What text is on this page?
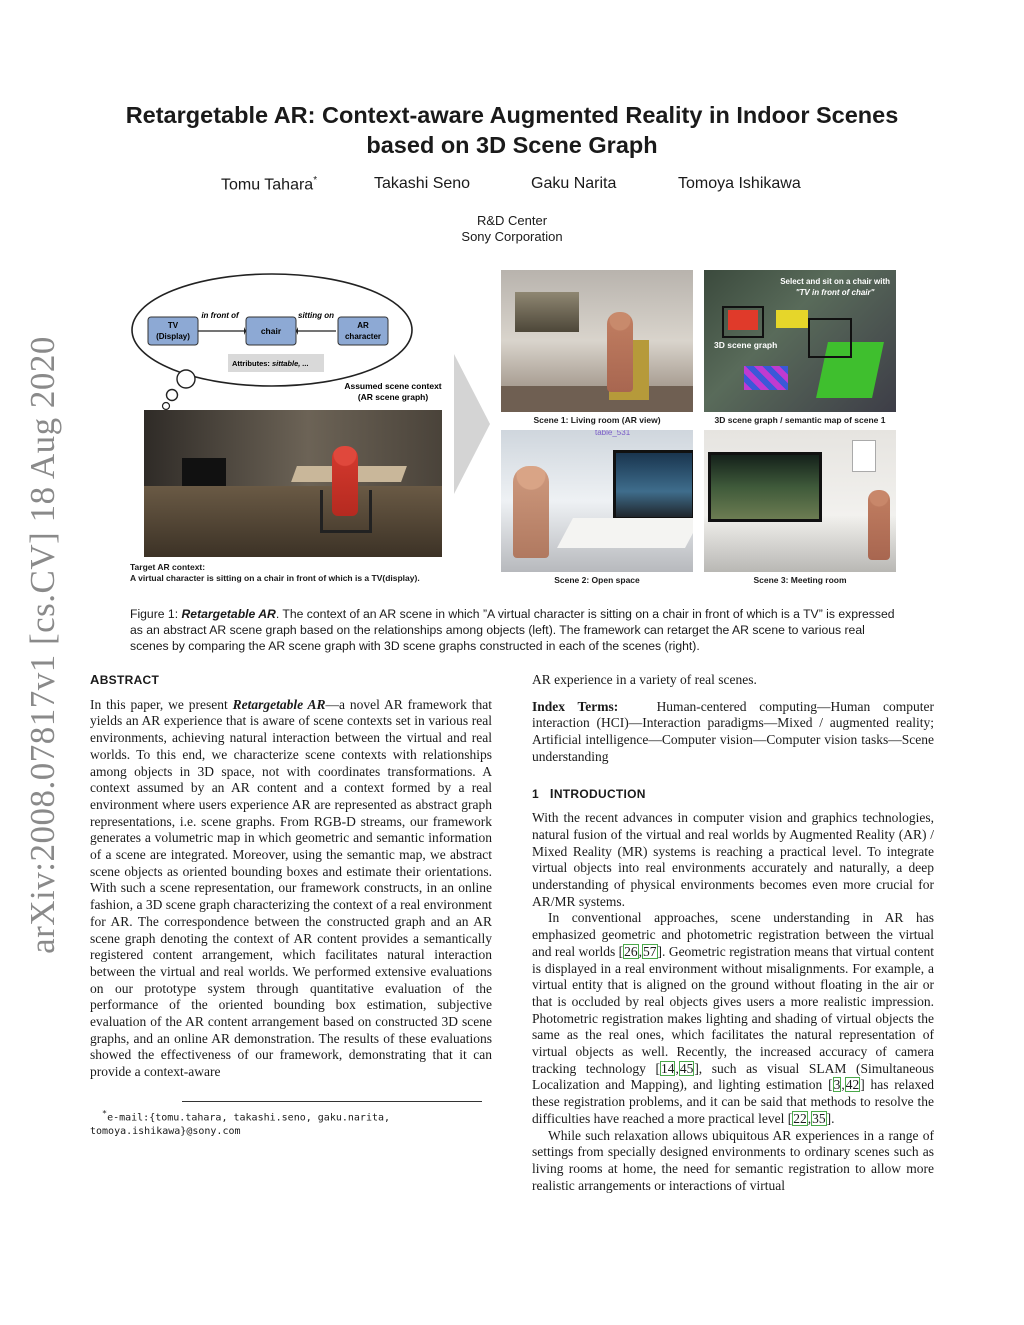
arXiv:2008.07817v1 [cs.CV] 18 Aug 2020
Retargetable AR: Context-aware Augmented Reality in Indoor Scenes
based on 3D Scene Graph
Tomu Tahara*	Takashi Seno	Gaku Narita	Tomoya Ishikawa
R&D Center
Sony Corporation
TV
(Display)
chair
AR
character
in front of	sitting on
Attributes: sittable, ...
Assumed scene context
(AR scene graph)
Target AR context:
A virtual character is sitting on a chair in front of which is a TV(display).
Scene 1: Living room (AR view)
Select and sit on a chair with
"TV in front of chair"
3D scene graph
3D scene graph / semantic map of scene 1
table_531
Scene 2: Open space	Scene 3: Meeting room
Figure 1: Retargetable AR. The context of an AR scene in which ”A virtual character is sitting on a chair in front of which is a TV” is expressed as an abstract AR scene graph based on the relationships among objects (left). The framework can retarget the AR scene to various real scenes by comparing the AR scene graph with 3D scene graphs constructed in each of the scenes (right).
ABSTRACT

In this paper, we present Retargetable AR—a novel AR framework that yields an AR experience that is aware of scene contexts set in various real environments, achieving natural interaction between the virtual and real worlds. To this end, we characterize scene contexts with relationships among objects in 3D space, not with coordinates transformations. A context assumed by an AR content and a context formed by a real environment where users experience AR are represented as abstract graph representations, i.e. scene graphs. From RGB-D streams, our framework generates a volumetric map in which geometric and semantic information of a scene are integrated. Moreover, using the semantic map, we abstract scene objects as oriented bounding boxes and estimate their orientations. With such a scene representation, our framework constructs, in an online fashion, a 3D scene graph characterizing the context of a real environment for AR. The correspondence between the constructed graph and an AR scene graph denoting the context of AR content provides a semantically registered content arrangement, which facilitates natural interaction between the virtual and real worlds. We performed extensive evaluations on our prototype system through quantitative evaluation of the performance of the oriented bounding box estimation, subjective evaluation of the AR content arrangement based on constructed 3D scene graphs, and an online AR demonstration. The results of these evaluations showed the effectiveness of our framework, demonstrating that it can provide a context-aware

*e-mail:{tomu.tahara, takashi.seno, gaku.narita,
tomoya.ishikawa}@sony.com

AR experience in a variety of real scenes.

Index Terms:	Human-centered computing—Human computer interaction (HCI)—Interaction paradigms—Mixed / augmented reality; Artificial intelligence—Computer vision—Computer vision tasks—Scene understanding

1 INTRODUCTION

With the recent advances in computer vision and graphics technologies, natural fusion of the virtual and real worlds by Augmented Reality (AR) / Mixed Reality (MR) systems is reaching a practical level. To integrate virtual objects into real environments accurately and naturally, a deep understanding of physical environments becomes even more crucial for AR/MR systems.

In conventional approaches, scene understanding in AR has emphasized geometric and photometric registration between the virtual and real worlds [26,57]. Geometric registration means that virtual content is displayed in a real environment without misalignments. For example, a virtual entity that is aligned on the ground without floating in the air or that is occluded by real objects gives users a more realistic impression. Photometric registration makes lighting and shading of virtual objects the same as the real ones, which facilitates the natural representation of virtual objects as well. Recently, the increased accuracy of camera tracking technology [14,45], such as visual SLAM (Simultaneous Localization and Mapping), and lighting estimation [3,42] has relaxed these registration problems, and it can be said that methods to resolve the difficulties have reached a more practical level [22,35].

While such relaxation allows ubiquitous AR experiences in a range of settings from specially designed environments to ordinary scenes such as living rooms at home, the need for semantic registration to allow more realistic arrangements or interactions of virtual
